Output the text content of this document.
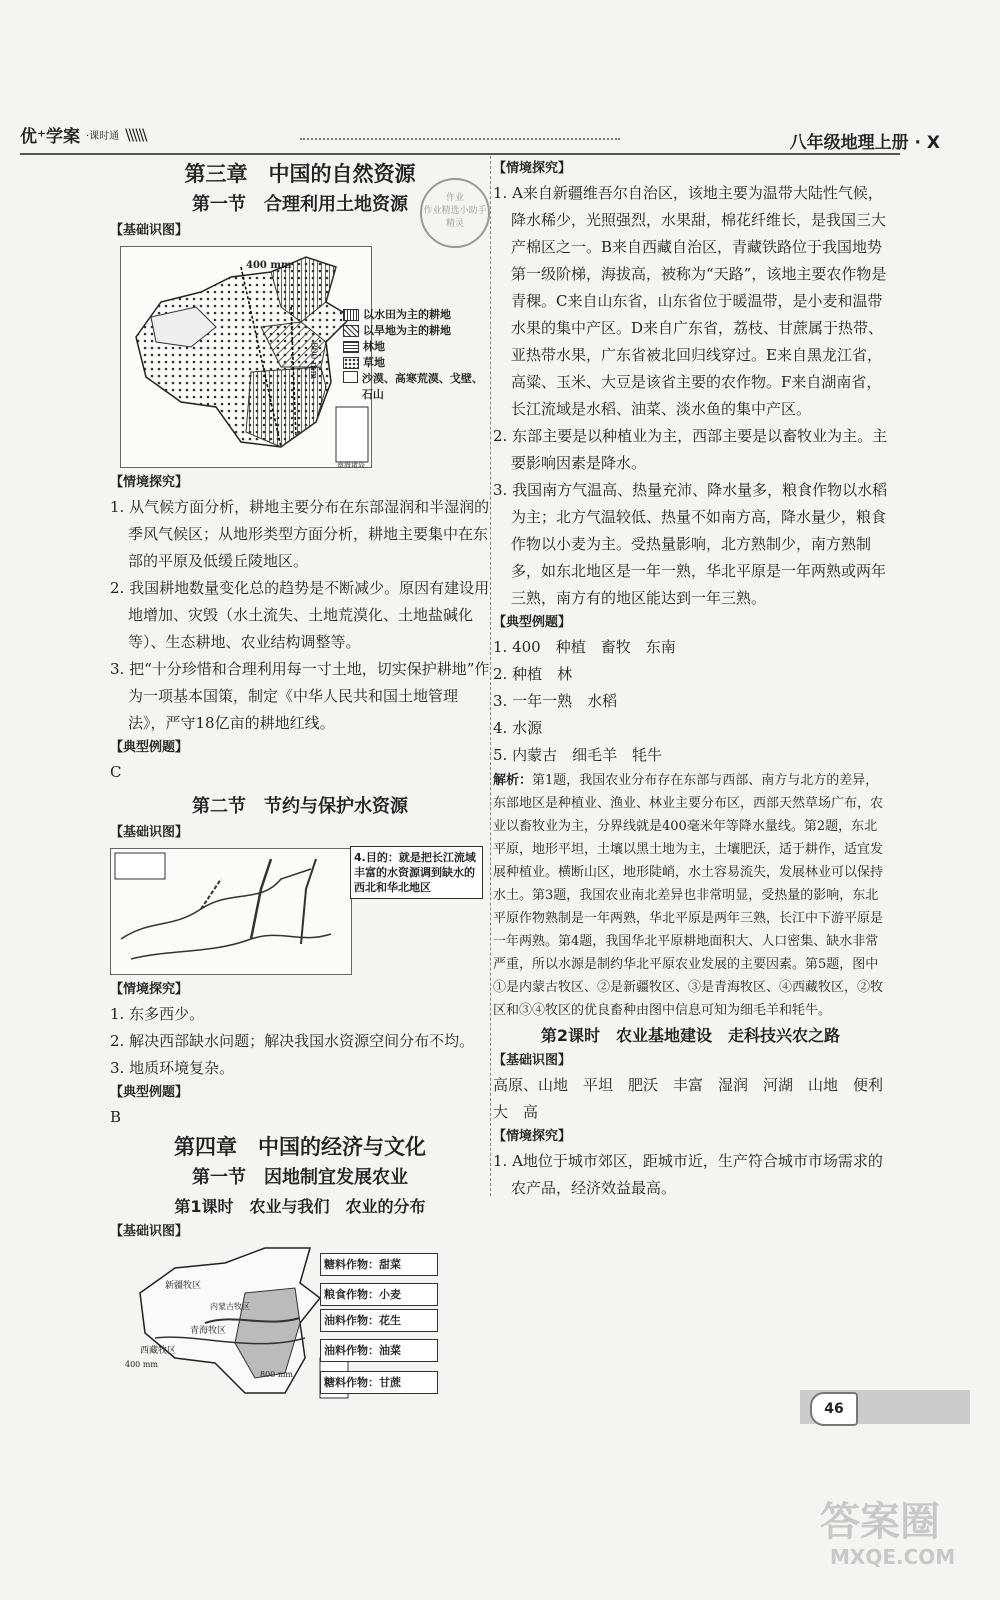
优⁺学案 ·课时通 \\\\\\	八年级地理上册 · X
作业
作业精选小助手
精灵
第三章　中国的自然资源
第一节　合理利用土地资源
【基础识图】
400 mm
800 mm
南海诸岛
以水田为主的耕地
以旱地为主的耕地
林地
草地
沙漠、高寒荒漠、戈壁、石山
【情境探究】
1. 从气候方面分析，耕地主要分布在东部湿润和半湿润的季风气候区；从地形类型方面分析，耕地主要集中在东部的平原及低缓丘陵地区。
2. 我国耕地数量变化总的趋势是不断减少。原因有建设用地增加、灾毁（水土流失、土地荒漠化、土地盐碱化等）、生态耕地、农业结构调整等。
3. 把“十分珍惜和合理利用每一寸土地，切实保护耕地”作为一项基本国策，制定《中华人民共和国土地管理法》，严守18亿亩的耕地红线。
【典型例题】
C
第二节　节约与保护水资源
【基础识图】
4.目的：就是把长江流域丰富的水资源调到缺水的西北和华北地区
【情境探究】
1. 东多西少。
2. 解决西部缺水问题；解决我国水资源空间分布不均。
3. 地质环境复杂。
【典型例题】
B
第四章　中国的经济与文化
第一节　因地制宜发展农业
第1课时　农业与我们　农业的分布
【基础识图】
新疆牧区
青海牧区
西藏牧区
内蒙古牧区
800 mm
400 mm
糖料作物：甜菜
粮食作物：小麦
油料作物：花生
油料作物：油菜
糖料作物：甘蔗
【情境探究】
1. A来自新疆维吾尔自治区，该地主要为温带大陆性气候，降水稀少，光照强烈，水果甜，棉花纤维长，是我国三大产棉区之一。B来自西藏自治区，青藏铁路位于我国地势第一级阶梯，海拔高，被称为“天路”，该地主要农作物是青稞。C来自山东省，山东省位于暖温带，是小麦和温带水果的集中产区。D来自广东省，荔枝、甘蔗属于热带、亚热带水果，广东省被北回归线穿过。E来自黑龙江省，高粱、玉米、大豆是该省主要的农作物。F来自湖南省，长江流域是水稻、油菜、淡水鱼的集中产区。
2. 东部主要是以种植业为主，西部主要是以畜牧业为主。主要影响因素是降水。
3. 我国南方气温高、热量充沛、降水量多，粮食作物以水稻为主；北方气温较低、热量不如南方高，降水量少，粮食作物以小麦为主。受热量影响，北方熟制少，南方熟制多，如东北地区是一年一熟，华北平原是一年两熟或两年三熟，南方有的地区能达到一年三熟。
【典型例题】
1. 400　种植　畜牧　东南
2. 种植　林
3. 一年一熟　水稻
4. 水源
5. 内蒙古　细毛羊　牦牛
解析：第1题，我国农业分布存在东部与西部、南方与北方的差异，东部地区是种植业、渔业、林业主要分布区，西部天然草场广布，农业以畜牧业为主，分界线就是400毫米年等降水量线。第2题，东北平原，地形平坦，土壤以黑土地为主，土壤肥沃，适于耕作，适宜发展种植业。横断山区，地形陡峭，水土容易流失，发展林业可以保持水土。第3题，我国农业南北差异也非常明显，受热量的影响，东北平原作物熟制是一年两熟，华北平原是两年三熟，长江中下游平原是一年两熟。第4题，我国华北平原耕地面积大、人口密集、缺水非常严重，所以水源是制约华北平原农业发展的主要因素。第5题，图中①是内蒙古牧区、②是新疆牧区、③是青海牧区、④西藏牧区，②牧区和③④牧区的优良畜种由图中信息可知为细毛羊和牦牛。
第2课时　农业基地建设　走科技兴农之路
【基础识图】
高原、山地　平坦　肥沃　丰富　湿润　河湖　山地　便利　大　高
【情境探究】
1. A地位于城市郊区，距城市近，生产符合城市市场需求的农产品，经济效益最高。
46
答案圈
MXQE.COM
